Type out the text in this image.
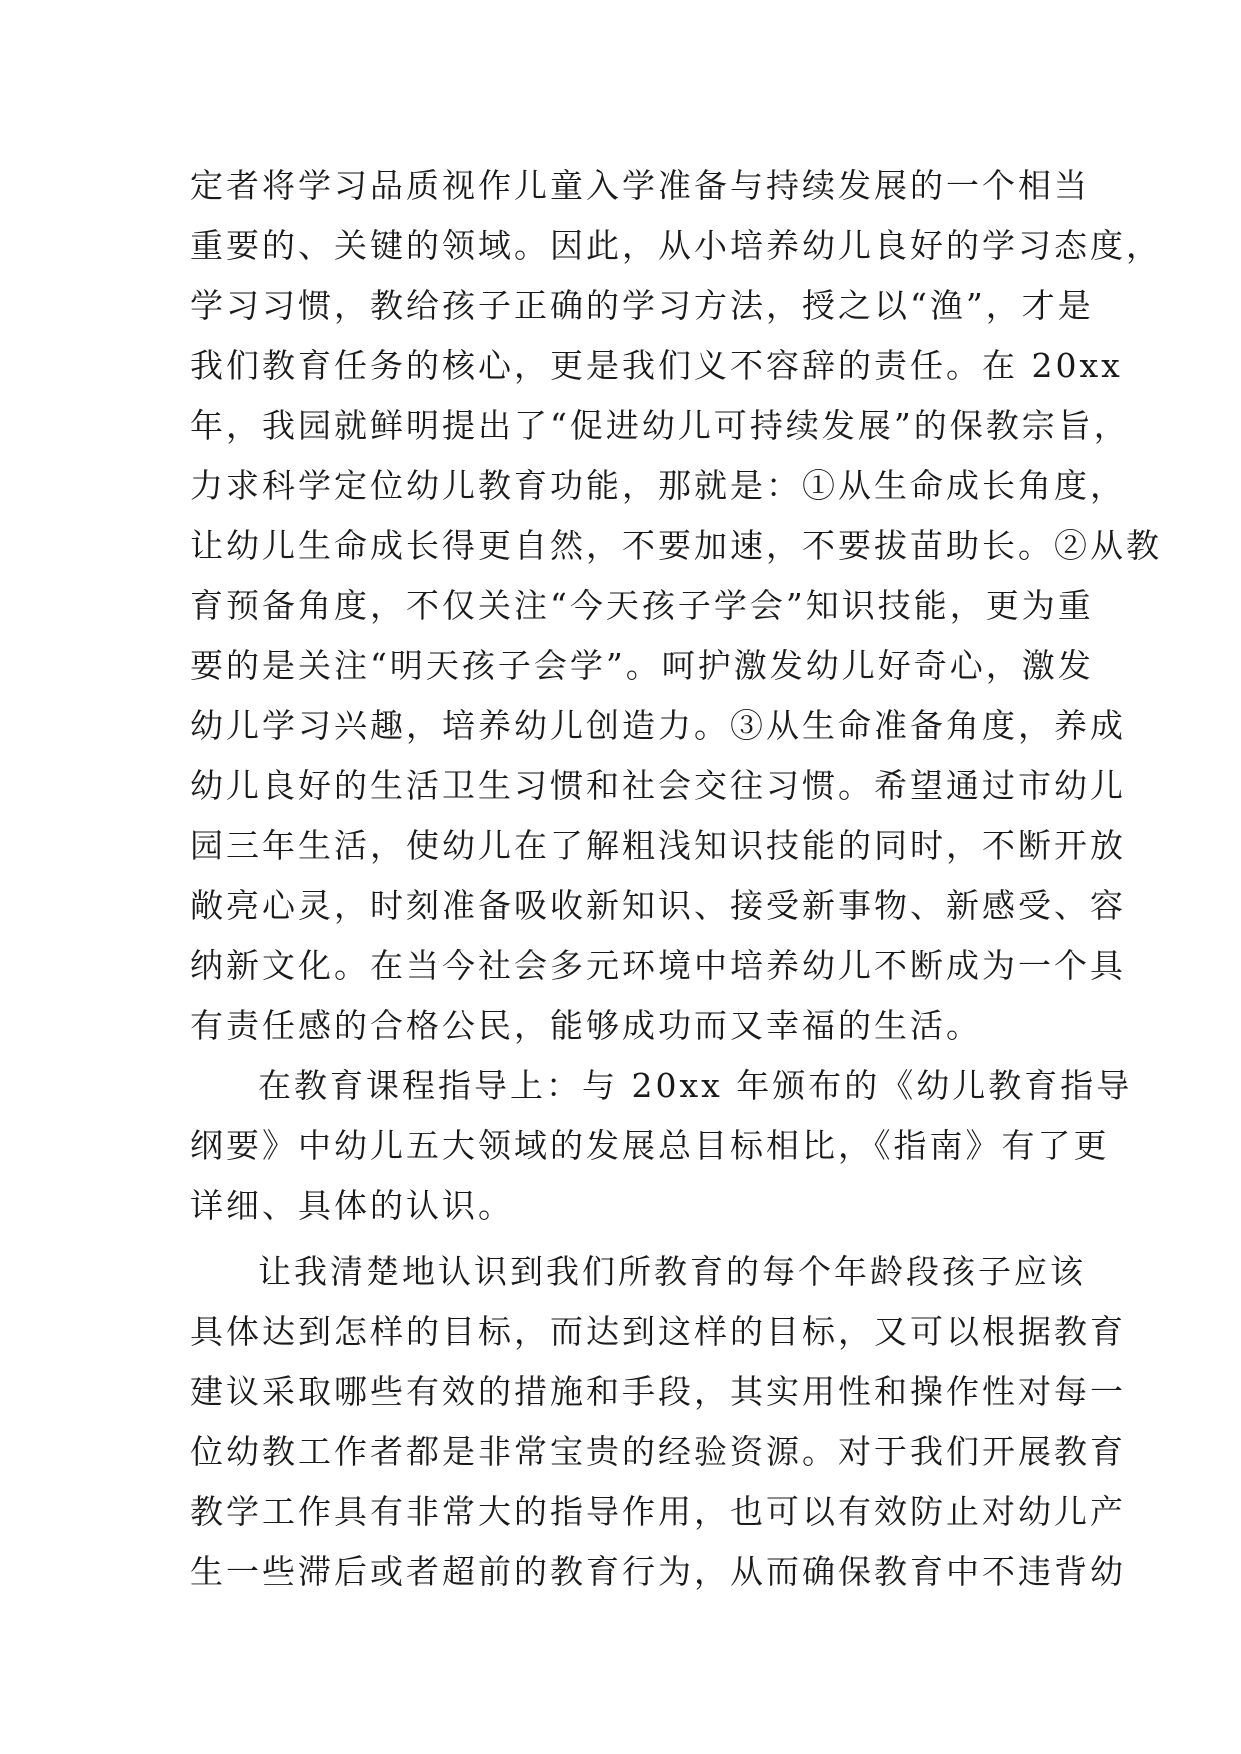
定者将学习品质视作儿童入学准备与持续发展的一个相当
重要的、关键的领域。因此，从小培养幼儿良好的学习态度，
学习习惯，教给孩子正确的学习方法，授之以“渔”，才是
我们教育任务的核心，更是我们义不容辞的责任。在 20xx
年，我园就鲜明提出了“促进幼儿可持续发展”的保教宗旨，
力求科学定位幼儿教育功能，那就是：①从生命成长角度，
让幼儿生命成长得更自然，不要加速，不要拔苗助长。②从教
育预备角度，不仅关注“今天孩子学会”知识技能，更为重
要的是关注“明天孩子会学”。呵护激发幼儿好奇心，激发
幼儿学习兴趣，培养幼儿创造力。③从生命准备角度，养成
幼儿良好的生活卫生习惯和社会交往习惯。希望通过市幼儿
园三年生活，使幼儿在了解粗浅知识技能的同时，不断开放
敞亮心灵，时刻准备吸收新知识、接受新事物、新感受、容
纳新文化。在当今社会多元环境中培养幼儿不断成为一个具
有责任感的合格公民，能够成功而又幸福的生活。
在教育课程指导上：与 20xx 年颁布的《幼儿教育指导
纲要》中幼儿五大领域的发展总目标相比，《指南》有了更
详细、具体的认识。
让我清楚地认识到我们所教育的每个年龄段孩子应该
具体达到怎样的目标，而达到这样的目标，又可以根据教育
建议采取哪些有效的措施和手段，其实用性和操作性对每一
位幼教工作者都是非常宝贵的经验资源。对于我们开展教育
教学工作具有非常大的指导作用，也可以有效防止对幼儿产
生一些滞后或者超前的教育行为，从而确保教育中不违背幼
